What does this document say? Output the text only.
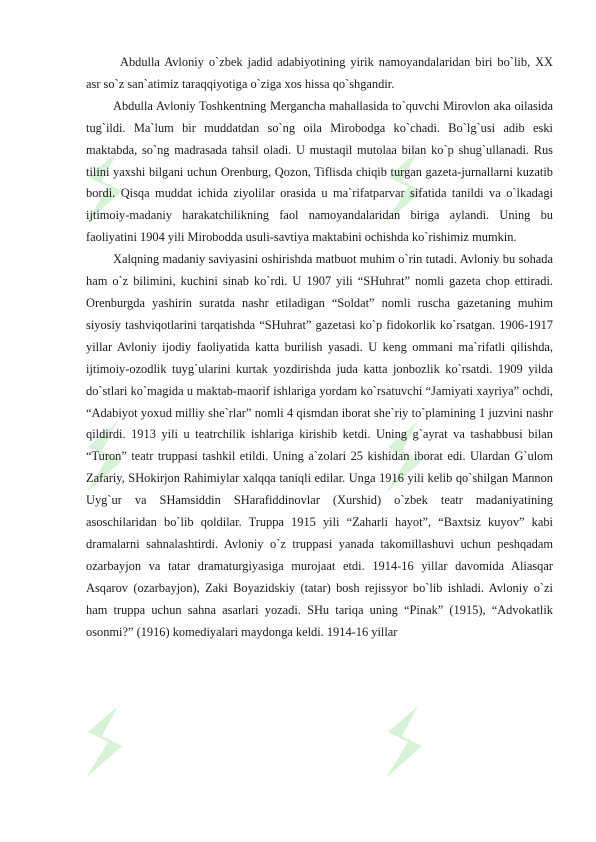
Abdulla Avloniy o`zbek jadid adabiyotining yirik namoyandalaridan biri bo`lib, XX asr so`z san`atimiz taraqqiyotiga o`ziga xos hissa qo`shgandir.

Abdulla Avloniy Toshkentning Mergancha mahallasida to`quvchi Mirovlon aka oilasida tug`ildi. Ma`lum bir muddatdan so`ng oila Mirobodga ko`chadi. Bo`lg`usi adib eski maktabda, so`ng madrasada tahsil oladi. U mustaqil mutolaa bilan ko`p shug`ullanadi. Rus tilini yaxshi bilgani uchun Orenburg, Qozon, Tiflisda chiqib turgan gazeta-jurnallarni kuzatib bordi. Qisqa muddat ichida ziyolilar orasida u ma`rifatparvar sifatida tanildi va o`lkadagi ijtimoiy-madaniy harakatchilikning faol namoyandalaridan biriga aylandi. Uning bu faoliyatini 1904 yili Mirobodda usuli-savtiya maktabini ochishda ko`rishimiz mumkin.

Xalqning madaniy saviyasini oshirishda matbuot muhim o`rin tutadi. Avloniy bu sohada ham o`z bilimini, kuchini sinab ko`rdi. U 1907 yili “SHuhrat” nomli gazeta chop ettiradi. Orenburgda yashirin suratda nashr etiladigan “Soldat” nomli ruscha gazetaning muhim siyosiy tashviqotlarini tarqatishda “SHuhrat” gazetasi ko`p fidokorlik ko`rsatgan. 1906-1917 yillar Avloniy ijodiy faoliyatida katta burilish yasadi. U keng ommani ma`rifatli qilishda, ijtimoiy-ozodlik tuyg`ularini kurtak yozdirishda juda katta jonbozlik ko`rsatdi. 1909 yilda do`stlari ko`magida u maktab-maorif ishlariga yordam ko`rsatuvchi “Jamiyati xayriya” ochdi, “Adabiyot yoxud milliy she`rlar” nomli 4 qismdan iborat she`riy to`plamining 1 juzvini nashr qildirdi. 1913 yili u teatrchilik ishlariga kirishib ketdi. Uning g`ayrat va tashabbusi bilan “Turon” teatr truppasi tashkil etildi. Uning a`zolari 25 kishidan iborat edi. Ulardan G`ulom Zafariy, SHokirjon Rahimiylar xalqqa taniqli edilar. Unga 1916 yili kelib qo`shilgan Mannon Uyg`ur va SHamsiddin SHarafiddinovlar (Xurshid) o`zbek teatr madaniyatining asoschilaridan bo`lib qoldilar. Truppa 1915 yili “Zaharli hayot”, “Baxtsiz kuyov” kabi dramalarni sahnalashtirdi. Avloniy o`z truppasi yanada takomillashuvi uchun peshqadam ozarbayjon va tatar dramaturgiyasiga murojaat etdi. 1914-16 yillar davomida Aliasqar Asqarov (ozarbayjon), Zaki Boyazidskiy (tatar) bosh rejissyor bo`lib ishladi. Avloniy o`zi ham truppa uchun sahna asarlari yozadi. SHu tariqa uning “Pinak” (1915), “Advokatlik osonmi?” (1916) komediyalari maydonga keldi. 1914-16 yillar
